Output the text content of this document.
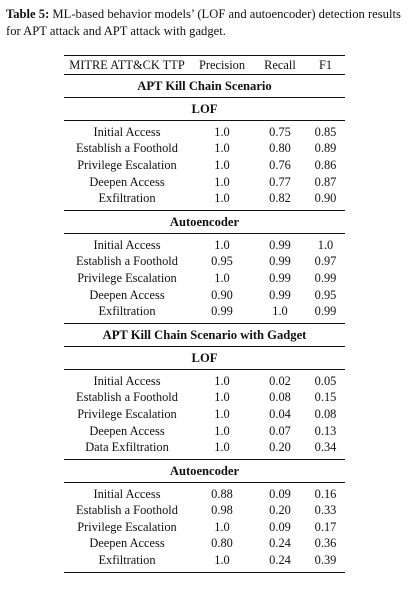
Table 5: ML-based behavior models’ (LOF and autoencoder) detection results for APT attack and APT attack with gadget.
MITRE ATT&CK TTP	Precision	Recall	F1
APT Kill Chain Scenario
LOF
Initial Access	1.0	0.75	0.85
Establish a Foothold	1.0	0.80	0.89
Privilege Escalation	1.0	0.76	0.86
Deepen Access	1.0	0.77	0.87
Exfiltration	1.0	0.82	0.90
Autoencoder
Initial Access	1.0	0.99	1.0
Establish a Foothold	0.95	0.99	0.97
Privilege Escalation	1.0	0.99	0.99
Deepen Access	0.90	0.99	0.95
Exfiltration	0.99	1.0	0.99
APT Kill Chain Scenario with Gadget
LOF
Initial Access	1.0	0.02	0.05
Establish a Foothold	1.0	0.08	0.15
Privilege Escalation	1.0	0.04	0.08
Deepen Access	1.0	0.07	0.13
Data Exfiltration	1.0	0.20	0.34
Autoencoder
Initial Access	0.88	0.09	0.16
Establish a Foothold	0.98	0.20	0.33
Privilege Escalation	1.0	0.09	0.17
Deepen Access	0.80	0.24	0.36
Exfiltration	1.0	0.24	0.39
